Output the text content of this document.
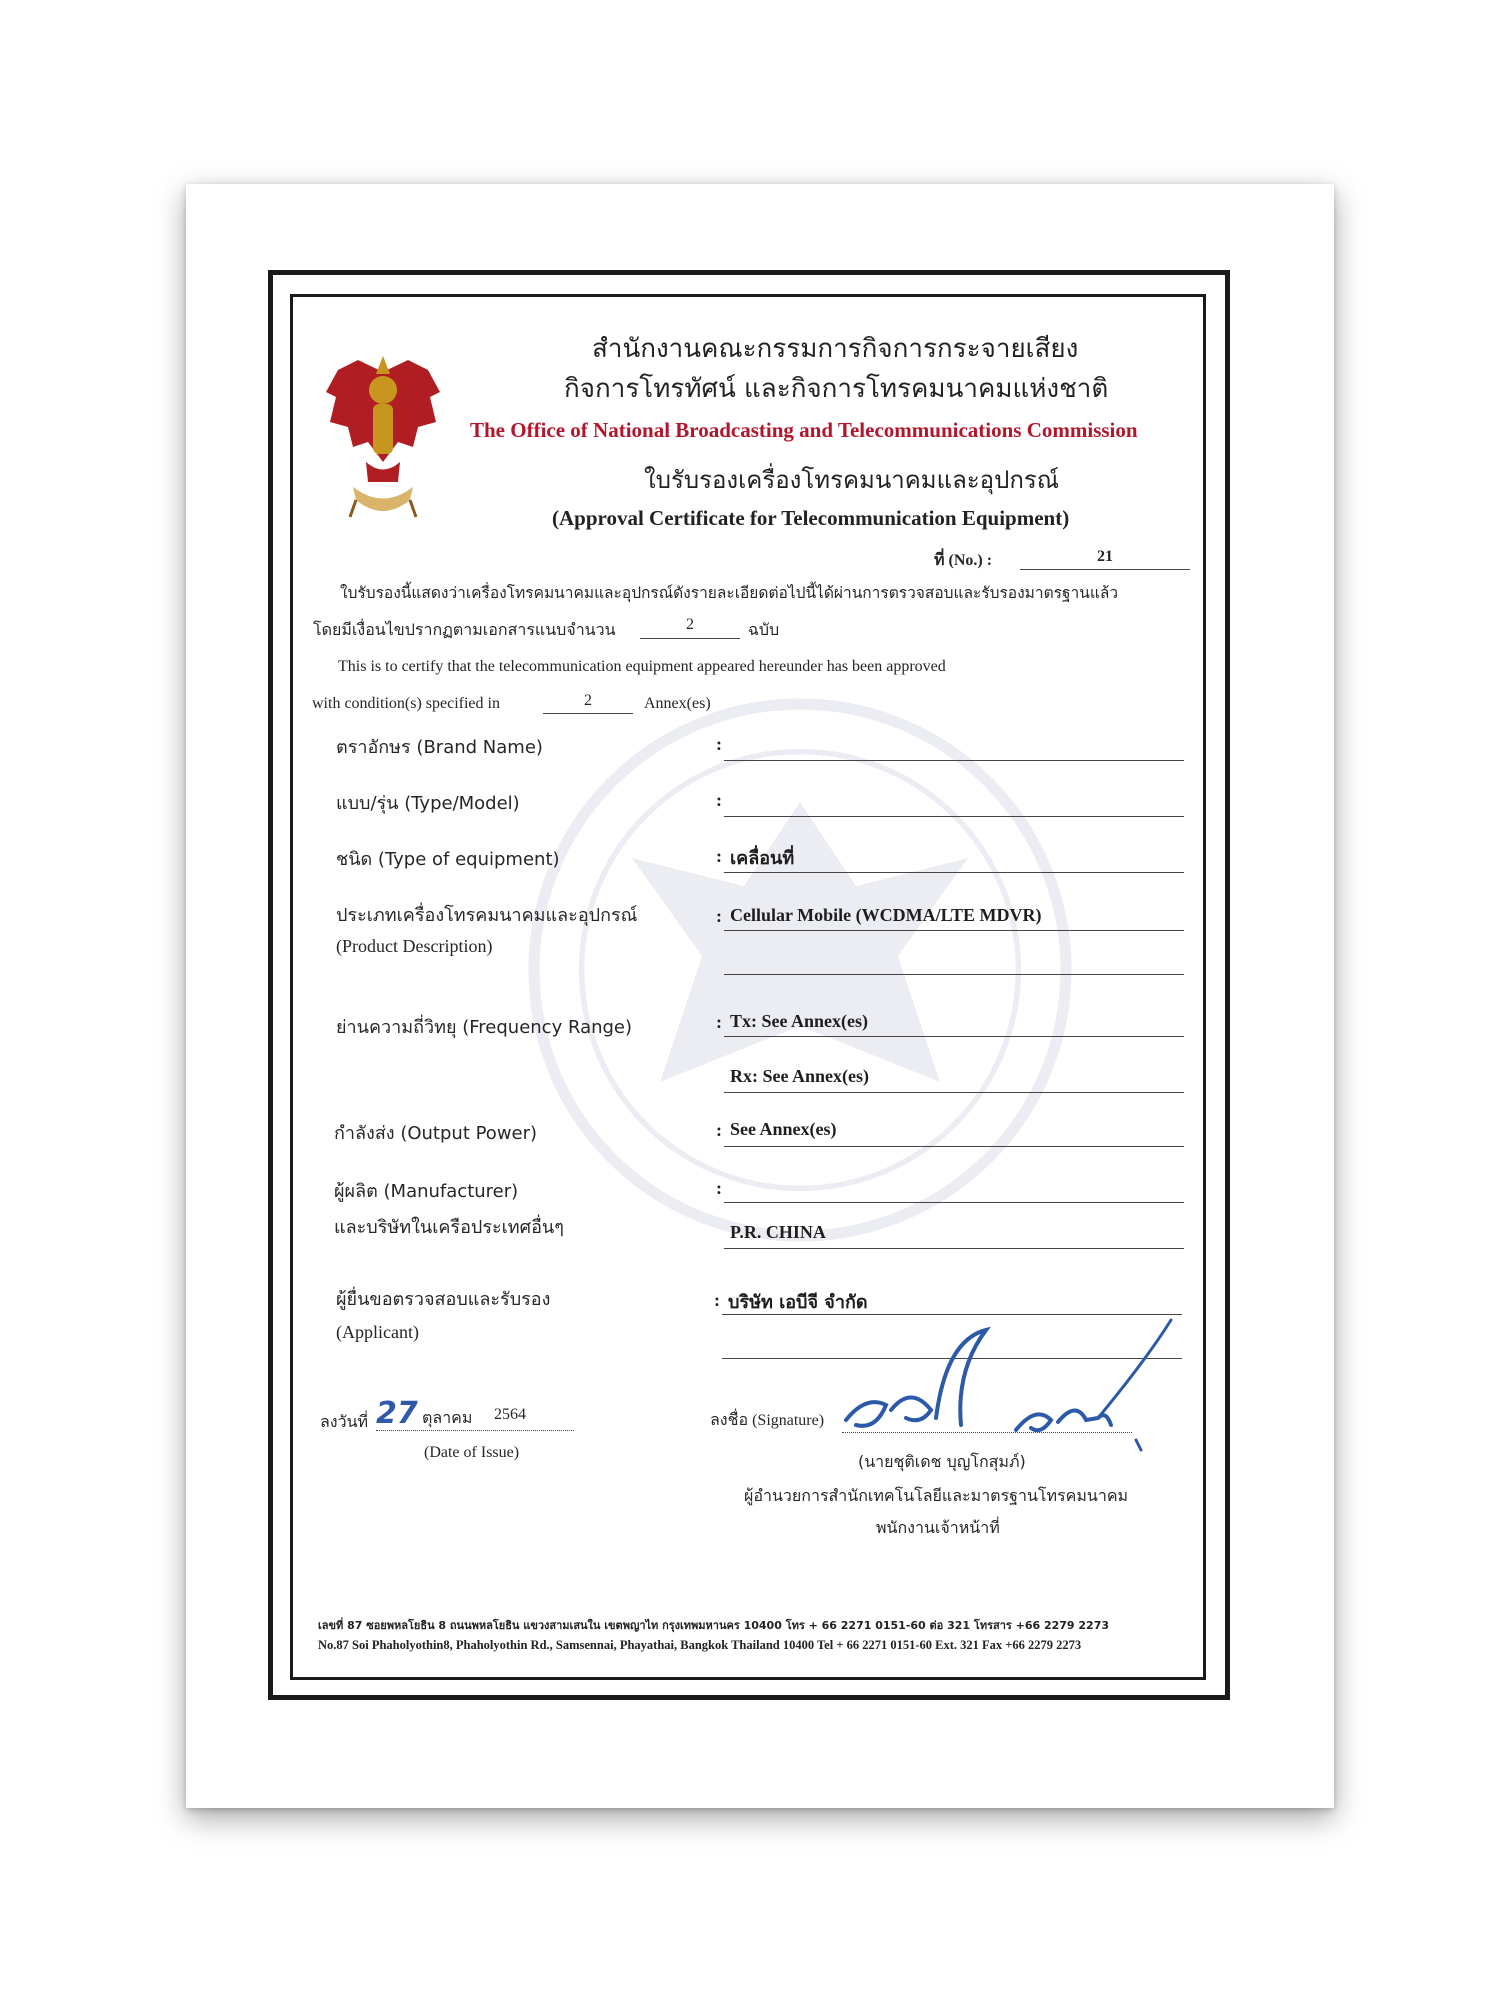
สำนักงานคณะกรรมการกิจการกระจายเสียง
กิจการโทรทัศน์ และกิจการโทรคมนาคมแห่งชาติ
The Office of National Broadcasting and Telecommunications Commission
ใบรับรองเครื่องโทรคมนาคมและอุปกรณ์
(Approval Certificate for Telecommunication Equipment)
ที่ (No.) :	21
ใบรับรองนี้แสดงว่าเครื่องโทรคมนาคมและอุปกรณ์ดังรายละเอียดต่อไปนี้ได้ผ่านการตรวจสอบและรับรองมาตรฐานแล้ว
โดยมีเงื่อนไขปรากฏตามเอกสารแนบจำนวน	2	ฉบับ
This is to certify that the telecommunication equipment appeared hereunder has been approved
with condition(s) specified in	2	Annex(es)
ตราอักษร (Brand Name)	:
แบบ/รุ่น (Type/Model)	:
ชนิด (Type of equipment)	: เคลื่อนที่
ประเภทเครื่องโทรคมนาคมและอุปกรณ์
(Product Description)
: Cellular Mobile (WCDMA/LTE MDVR)
ย่านความถี่วิทยุ (Frequency Range)	: Tx: See Annex(es)
Rx: See Annex(es)
กำลังส่ง (Output Power)	: See Annex(es)
ผู้ผลิต (Manufacturer)
และบริษัทในเครือประเทศอื่นๆ
:
P.R. CHINA
ผู้ยื่นขอตรวจสอบและรับรอง
(Applicant)
: บริษัท เอบีจี จำกัด
ลงวันที่ 27 ตุลาคม 2564
(Date of Issue)
ลงชื่อ (Signature)
(นายชุติเดช บุญโกสุมภ์)
ผู้อำนวยการสำนักเทคโนโลยีและมาตรฐานโทรคมนาคม
พนักงานเจ้าหน้าที่
เลขที่ 87 ซอยพหลโยธิน 8 ถนนพหลโยธิน แขวงสามเสนใน เขตพญาไท กรุงเทพมหานคร 10400 โทร + 66 2271 0151-60 ต่อ 321 โทรสาร +66 2279 2273
No.87 Soi Phaholyothin8, Phaholyothin Rd., Samsennai, Phayathai, Bangkok Thailand 10400 Tel + 66 2271 0151-60 Ext. 321 Fax +66 2279 2273
